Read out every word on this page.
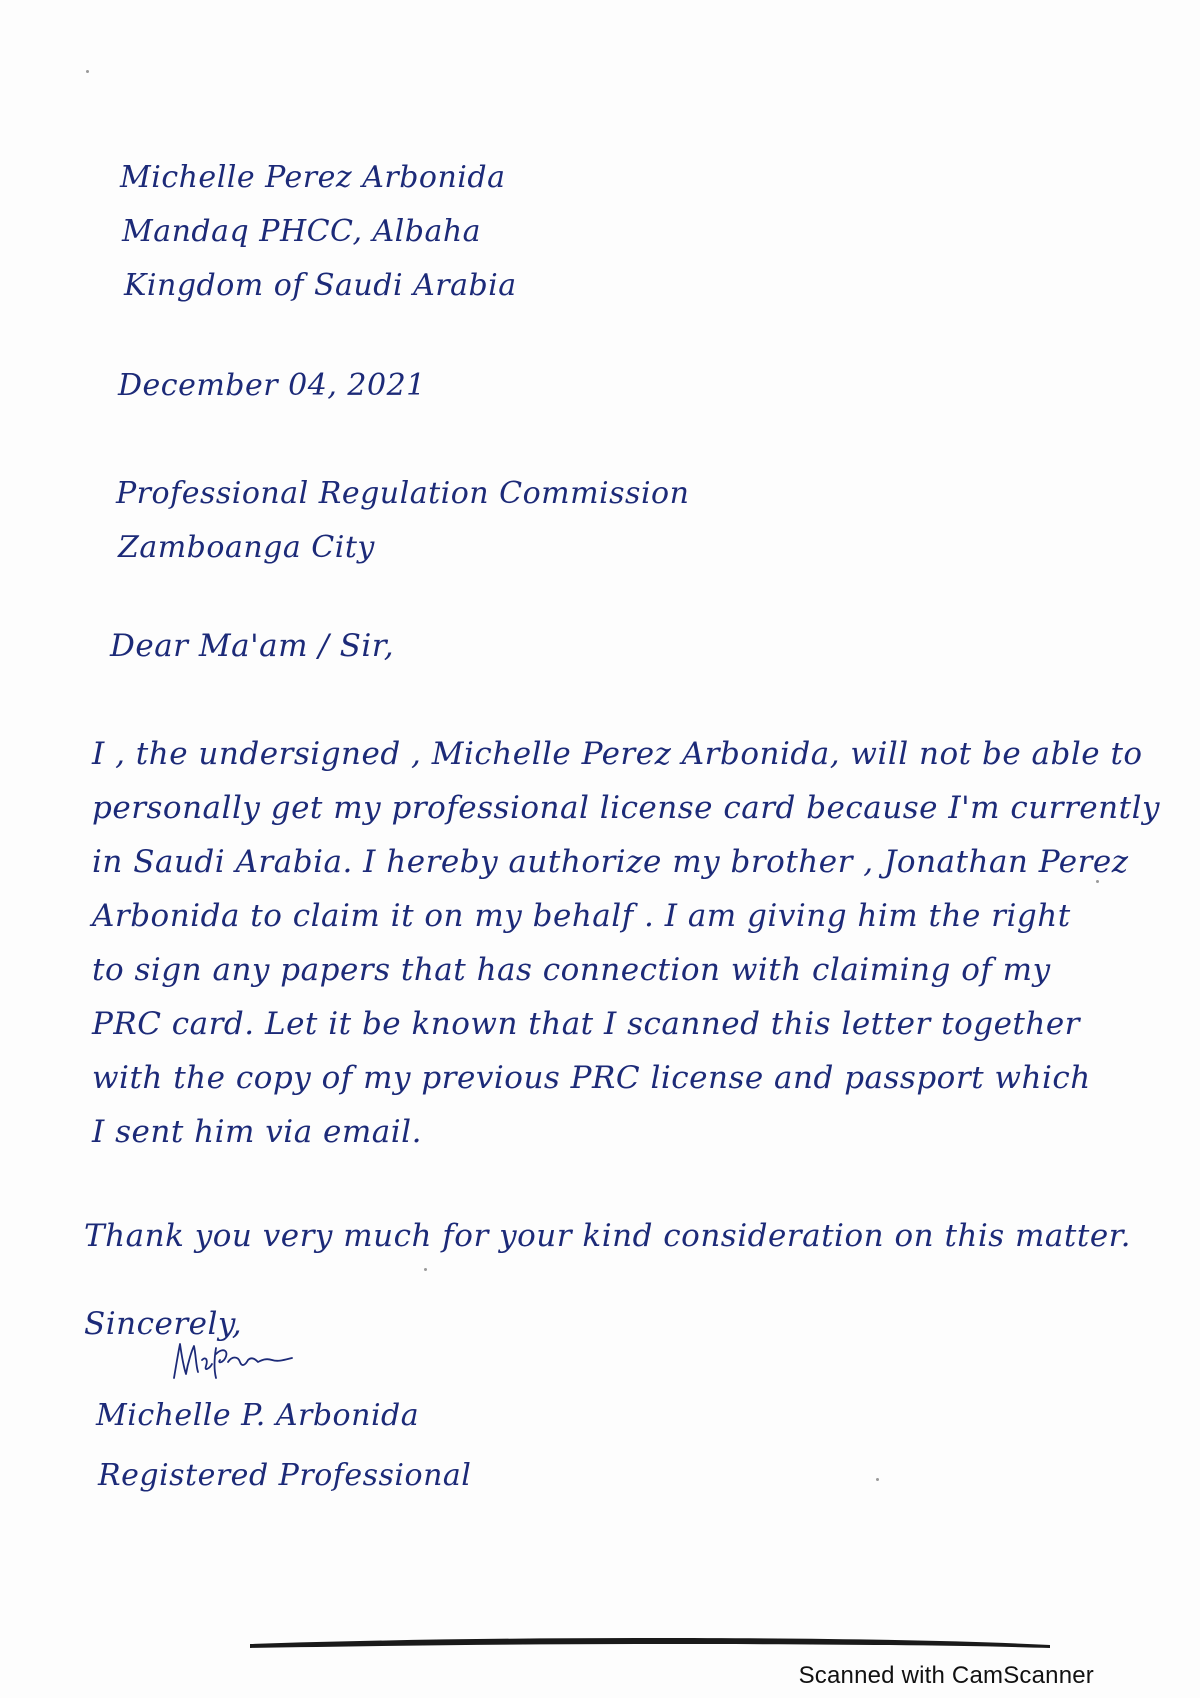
Michelle Perez Arbonida
Mandaq PHCC, Albaha
Kingdom of Saudi Arabia
December 04, 2021
Professional Regulation Commission
Zamboanga City
Dear Ma'am / Sir,
I , the undersigned , Michelle Perez Arbonida, will not be able to
personally get my professional license card because I'm currently
in Saudi Arabia. I hereby authorize my brother , Jonathan Perez
Arbonida to claim it on my behalf . I am giving him the right
to sign any papers that has connection with claiming of my
PRC card. Let it be known that I scanned this letter together
with the copy of my previous PRC license and passport which
I sent him via email.
Thank you very much for your kind consideration on this matter.
Sincerely,
Michelle P. Arbonida
Registered Professional
Scanned with CamScanner
